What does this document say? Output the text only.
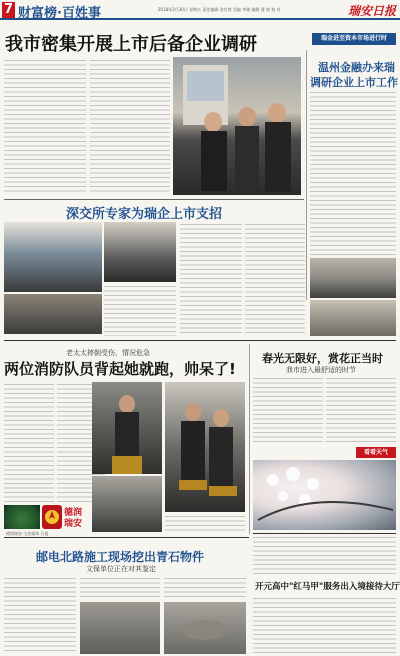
7 财富榜·百姓事	2018年3月30日 星期五 责任编辑 金红坡 美编 李雅 编辑 曹 使 校 对	瑞安日报
我市密集开展上市后备企业调研	瑞金进至资本市场进行时
温州金融办来瑞
调研企业上市工作
深交所专家为瑞企上市支招
老太太摔倒受伤，情况危急
两位消防队员背起她就跑，帅呆了!
德润
瑞安
德润瑞安·主流媒体 日报
春光无限好，赏花正当时
我市进入最舒适的时节
看看天气
邮电北路施工现场挖出青石物件
文保单位正在对其鉴定
开元高中"红马甲"服务出入境接待大厅
